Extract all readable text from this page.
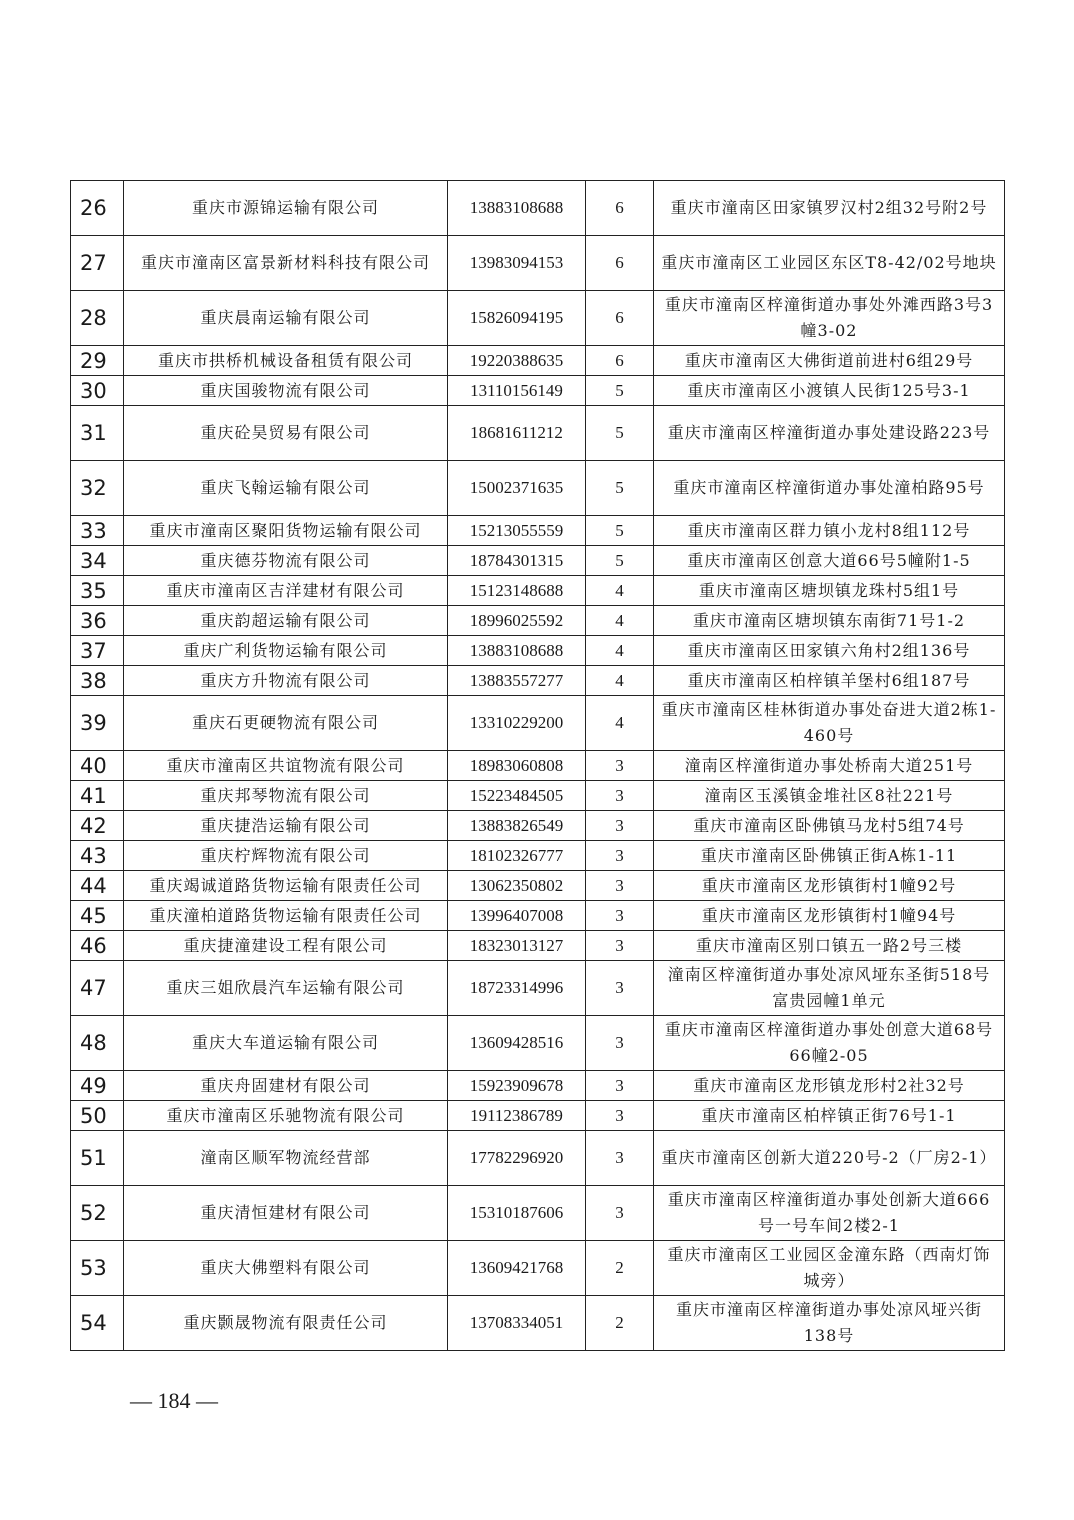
26	重庆市源锦运输有限公司	13883108688	6	重庆市潼南区田家镇罗汉村2组32号附2号
27	重庆市潼南区富景新材料科技有限公司	13983094153	6	重庆市潼南区工业园区东区T8-42/02号地块
28	重庆晨南运输有限公司	15826094195	6	重庆市潼南区梓潼街道办事处外滩西路3号3幢3-02
29	重庆市拱桥机械设备租赁有限公司	19220388635	6	重庆市潼南区大佛街道前进村6组29号
30	重庆国骏物流有限公司	13110156149	5	重庆市潼南区小渡镇人民街125号3-1
31	重庆砼昊贸易有限公司	18681611212	5	重庆市潼南区梓潼街道办事处建设路223号
32	重庆飞翰运输有限公司	15002371635	5	重庆市潼南区梓潼街道办事处潼柏路95号
33	重庆市潼南区聚阳货物运输有限公司	15213055559	5	重庆市潼南区群力镇小龙村8组112号
34	重庆德芬物流有限公司	18784301315	5	重庆市潼南区创意大道66号5幢附1-5
35	重庆市潼南区吉洋建材有限公司	15123148688	4	重庆市潼南区塘坝镇龙珠村5组1号
36	重庆韵超运输有限公司	18996025592	4	重庆市潼南区塘坝镇东南街71号1-2
37	重庆广利货物运输有限公司	13883108688	4	重庆市潼南区田家镇六角村2组136号
38	重庆方升物流有限公司	13883557277	4	重庆市潼南区柏梓镇羊堡村6组187号
39	重庆石更硬物流有限公司	13310229200	4	重庆市潼南区桂林街道办事处奋进大道2栋1-460号
40	重庆市潼南区共谊物流有限公司	18983060808	3	潼南区梓潼街道办事处桥南大道251号
41	重庆邦琴物流有限公司	15223484505	3	潼南区玉溪镇金堆社区8社221号
42	重庆捷浩运输有限公司	13883826549	3	重庆市潼南区卧佛镇马龙村5组74号
43	重庆柠辉物流有限公司	18102326777	3	重庆市潼南区卧佛镇正街A栋1-11
44	重庆竭诚道路货物运输有限责任公司	13062350802	3	重庆市潼南区龙形镇街村1幢92号
45	重庆潼柏道路货物运输有限责任公司	13996407008	3	重庆市潼南区龙形镇街村1幢94号
46	重庆捷潼建设工程有限公司	18323013127	3	重庆市潼南区别口镇五一路2号三楼
47	重庆三姐欣晨汽车运输有限公司	18723314996	3	潼南区梓潼街道办事处凉风垭东圣街518号富贵园幢1单元
48	重庆大车道运输有限公司	13609428516	3	重庆市潼南区梓潼街道办事处创意大道68号66幢2-05
49	重庆舟固建材有限公司	15923909678	3	重庆市潼南区龙形镇龙形村2社32号
50	重庆市潼南区乐驰物流有限公司	19112386789	3	重庆市潼南区柏梓镇正街76号1-1
51	潼南区顺军物流经营部	17782296920	3	重庆市潼南区创新大道220号-2（厂房2-1）
52	重庆清恒建材有限公司	15310187606	3	重庆市潼南区梓潼街道办事处创新大道666号一号车间2楼2-1
53	重庆大佛塑料有限公司	13609421768	2	重庆市潼南区工业园区金潼东路（西南灯饰城旁）
54	重庆颢晟物流有限责任公司	13708334051	2	重庆市潼南区梓潼街道办事处凉风垭兴街138号
— 184 —
